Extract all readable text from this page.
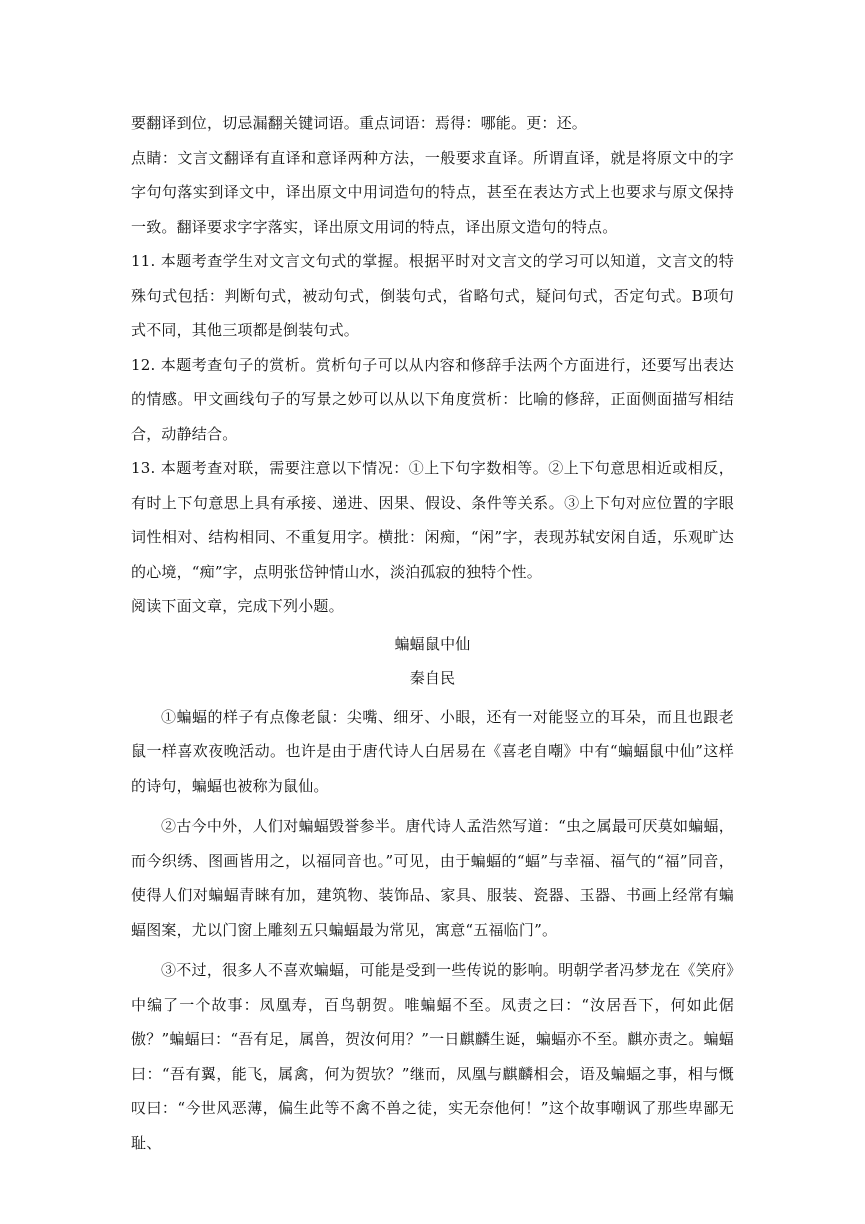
要翻译到位，切忌漏翻关键词语。重点词语：焉得：哪能。更：还。

点睛：文言文翻译有直译和意译两种方法，一般要求直译。所谓直译，就是将原文中的字字句句落实到译文中，译出原文中用词造句的特点，甚至在表达方式上也要求与原文保持一致。翻译要求字字落实，译出原文用词的特点，译出原文造句的特点。

11. 本题考查学生对文言文句式的掌握。根据平时对文言文的学习可以知道，文言文的特殊句式包括：判断句式，被动句式，倒装句式，省略句式，疑问句式，否定句式。B项句式不同，其他三项都是倒装句式。

12. 本题考查句子的赏析。赏析句子可以从内容和修辞手法两个方面进行，还要写出表达的情感。甲文画线句子的写景之妙可以从以下角度赏析：比喻的修辞，正面侧面描写相结合，动静结合。

13. 本题考查对联，需要注意以下情况：①上下句字数相等。②上下句意思相近或相反，有时上下句意思上具有承接、递进、因果、假设、条件等关系。③上下句对应位置的字眼词性相对、结构相同、不重复用字。横批：闲痴，“闲”字，表现苏轼安闲自适，乐观旷达的心境，“痴”字，点明张岱钟情山水，淡泊孤寂的独特个性。

阅读下面文章，完成下列小题。

蝙蝠鼠中仙

秦自民

①蝙蝠的样子有点像老鼠：尖嘴、细牙、小眼，还有一对能竖立的耳朵，而且也跟老鼠一样喜欢夜晚活动。也许是由于唐代诗人白居易在《喜老自嘲》中有“蝙蝠鼠中仙”这样的诗句，蝙蝠也被称为鼠仙。

②古今中外，人们对蝙蝠毁誉参半。唐代诗人孟浩然写道：“虫之属最可厌莫如蝙蝠，而今织绣、图画皆用之，以福同音也。”可见，由于蝙蝠的“蝠”与幸福、福气的“福”同音，使得人们对蝙蝠青睐有加，建筑物、装饰品、家具、服装、瓷器、玉器、书画上经常有蝙蝠图案，尤以门窗上雕刻五只蝙蝠最为常见，寓意“五福临门”。

③不过，很多人不喜欢蝙蝠，可能是受到一些传说的影响。明朝学者冯梦龙在《笑府》中编了一个故事：凤凰寿，百鸟朝贺。唯蝙蝠不至。凤责之曰：“汝居吾下，何如此倨傲？”蝙蝠曰：“吾有足，属兽，贺汝何用？”一日麒麟生诞，蝙蝠亦不至。麒亦责之。蝙蝠曰：“吾有翼，能飞，属禽，何为贺欤？”继而，凤凰与麒麟相会，语及蝙蝠之事，相与慨叹曰：“今世风恶薄，偏生此等不禽不兽之徒，实无奈他何！”这个故事嘲讽了那些卑鄙无耻、
